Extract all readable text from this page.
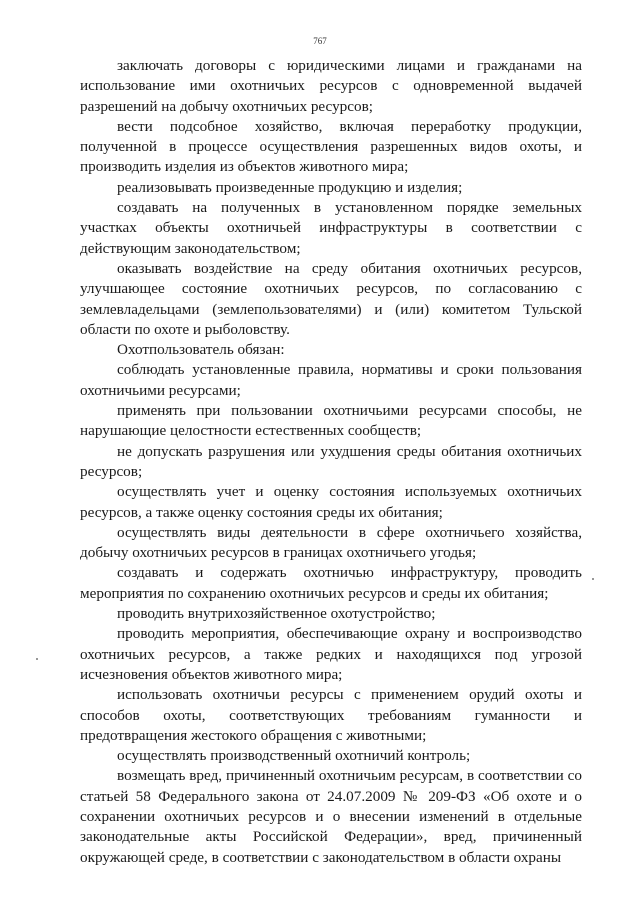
767

заключать договоры с юридическими лицами и гражданами на использование ими охотничьих ресурсов с одновременной выдачей разрешений на добычу охотничьих ресурсов;

вести подсобное хозяйство, включая переработку продукции, полученной в процессе осуществления разрешенных видов охоты, и производить изделия из объектов животного мира;

реализовывать произведенные продукцию и изделия;

создавать на полученных в установленном порядке земельных участках объекты охотничьей инфраструктуры в соответствии с действующим законодательством;

оказывать воздействие на среду обитания охотничьих ресурсов, улучшающее состояние охотничьих ресурсов, по согласованию с землевладельцами (землепользователями) и (или) комитетом Тульской области по охоте и рыболовству.

Охотпользователь обязан:

соблюдать установленные правила, нормативы и сроки пользования охотничьими ресурсами;

применять при пользовании охотничьими ресурсами способы, не нарушающие целостности естественных сообществ;

не допускать разрушения или ухудшения среды обитания охотничьих ресурсов;

осуществлять учет и оценку состояния используемых охотничьих ресурсов, а также оценку состояния среды их обитания;

осуществлять виды деятельности в сфере охотничьего хозяйства, добычу охотничьих ресурсов в границах охотничьего угодья;

создавать и содержать охотничью инфраструктуру, проводить мероприятия по сохранению охотничьих ресурсов и среды их обитания;

проводить внутрихозяйственное охотустройство;

проводить мероприятия, обеспечивающие охрану и воспроизводство охотничьих ресурсов, а также редких и находящихся под угрозой исчезновения объектов животного мира;

использовать охотничьи ресурсы с применением орудий охоты и способов охоты, соответствующих требованиям гуманности и предотвращения жестокого обращения с животными;

осуществлять производственный охотничий контроль;

возмещать вред, причиненный охотничьим ресурсам, в соответствии со статьей 58 Федерального закона от 24.07.2009 № 209-ФЗ «Об охоте и о сохранении охотничьих ресурсов и о внесении изменений в отдельные законодательные акты Российской Федерации», вред, причиненный окружающей среде, в соответствии с законодательством в области охраны
